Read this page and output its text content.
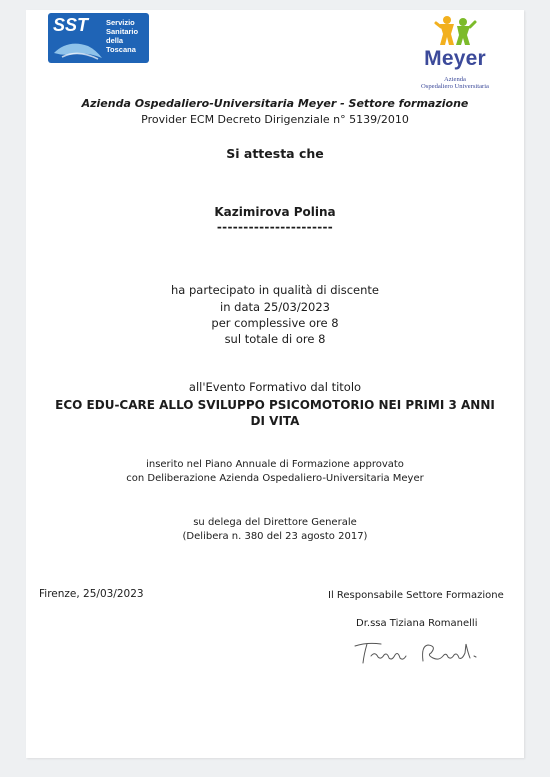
SST Servizio
Sanitario
della
Toscana	Meyer
Azienda
Ospedaliero Universitaria
Azienda Ospedaliero-Universitaria Meyer - Settore formazione
Provider ECM Decreto Dirigenziale n° 5139/2010
Si attesta che
Kazimirova Polina
----------------------
ha partecipato in qualità di discente
in data 25/03/2023
per complessive ore 8
sul totale di ore 8
all'Evento Formativo dal titolo
ECO EDU-CARE ALLO SVILUPPO PSICOMOTORIO NEI PRIMI 3 ANNI DI VITA
inserito nel Piano Annuale di Formazione approvato
con Deliberazione Azienda Ospedaliero-Universitaria Meyer
su delega del Direttore Generale
(Delibera n. 380 del 23 agosto 2017)
Firenze, 25/03/2023	Il Responsabile Settore Formazione
Dr.ssa Tiziana Romanelli
